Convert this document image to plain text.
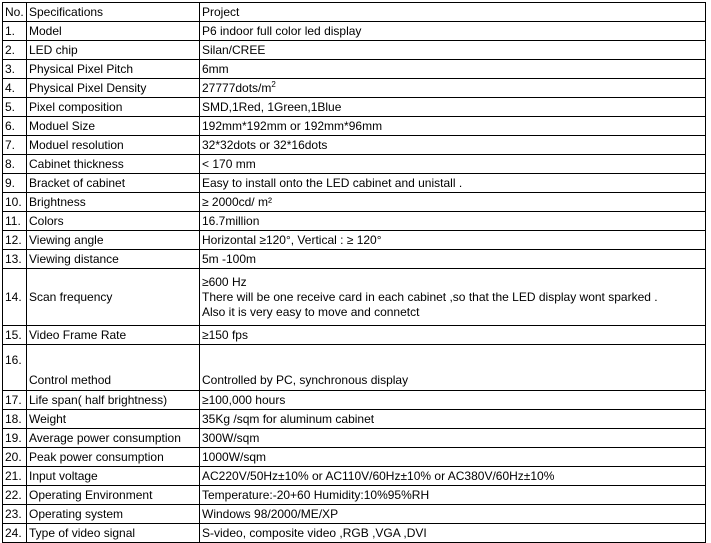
No.	Specifications	Project
1.	Model	P6 indoor full color led display
2.	LED chip	Silan/CREE
3.	Physical Pixel Pitch	6mm
4.	Physical Pixel Density	$27777dots/m^2$
5.	Pixel composition	SMD,1Red, 1Green,1Blue
6.	Moduel Size	192mm*192mm or 192mm*96mm
7.	Moduel resolution	32*32dots or 32*16dots
8.	Cabinet thickness	< 170 mm
9.	Bracket of cabinet	Easy to install onto the LED cabinet and unistall .
10.	Brightness	≥ 2000cd/ m²
11.	Colors	16.7million
12.	Viewing angle	Horizontal ≥120°, Vertical : ≥ 120°
13.	Viewing distance	5m -100m
14.	Scan frequency	≥600 Hz
There will be one receive card in each cabinet ,so that the LED display wont sparked .
Also it is very easy to move and connetct

15.	Video Frame Rate	≥150 fps
16.	Control method	Controlled by PC, synchronous display
17.	Life span( half brightness)	≥100,000 hours
18.	Weight	35Kg /sqm for aluminum cabinet
19.	Average power consumption	300W/sqm
20.	Peak power consumption	1000W/sqm
21.	Input voltage	AC220V/50Hz±10% or AC110V/60Hz±10% or AC380V/60Hz±10%
22.	Operating Environment	Temperature:-20+60 Humidity:10%95%RH
23.	Operating system	Windows 98/2000/ME/XP
24.	Type of video signal	S-video, composite video ,RGB ,VGA ,DVI
